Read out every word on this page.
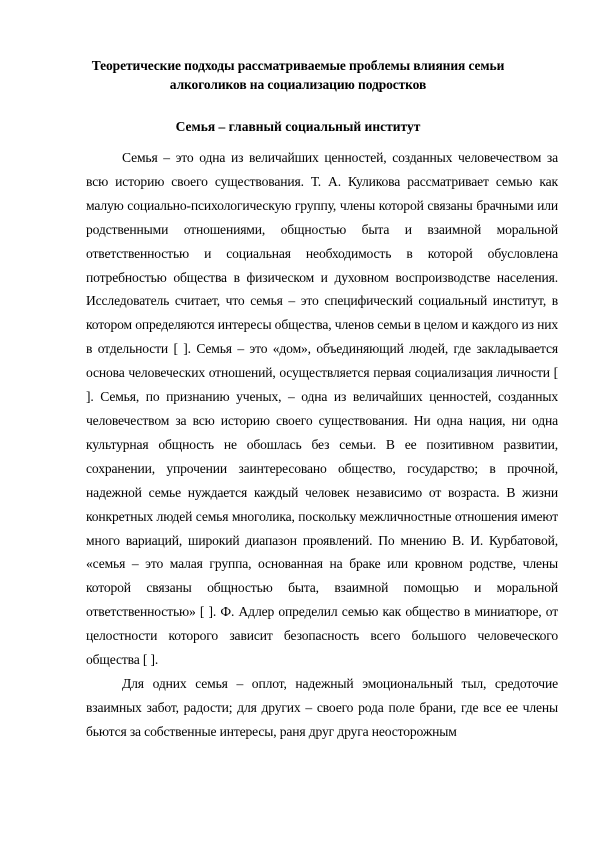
Теоретические подходы рассматриваемые проблемы влияния семьи алкоголиков на социализацию подростков
Семья – главный социальный институт

Семья – это одна из величайших ценностей, созданных человечеством за всю историю своего существования. Т. А. Куликова рассматривает семью как малую социально-психологическую группу, члены которой связаны брачными или родственными отношениями, общностью быта и взаимной моральной ответственностью и социальная необходимость в которой обусловлена потребностью общества в физическом и духовном воспроизводстве населения. Исследователь считает, что семья – это специфический социальный институт, в котором определяются интересы общества, членов семьи в целом и каждого из них в отдельности [ ]. Семья – это «дом», объединяющий людей, где закладывается основа человеческих отношений, осуществляется первая социализация личности [ ]. Семья, по признанию ученых, – одна из величайших ценностей, созданных человечеством за всю историю своего существования. Ни одна нация, ни одна культурная общность не обошлась без семьи. В ее позитивном развитии, сохранении, упрочении заинтересовано общество, государство; в прочной, надежной семье нуждается каждый человек независимо от возраста. В жизни конкретных людей семья многолика, поскольку межличностные отношения имеют много вариаций, широкий диапазон проявлений. По мнению В. И. Курбатовой, «семья – это малая группа, основанная на браке или кровном родстве, члены которой связаны общностью быта, взаимной помощью и моральной ответственностью» [ ]. Ф. Адлер определил семью как общество в миниатюре, от целостности которого зависит безопасность всего большого человеческого общества [ ].

Для одних семья – оплот, надежный эмоциональный тыл, средоточие взаимных забот, радости; для других – своего рода поле брани, где все ее члены бьются за собственные интересы, раня друг друга неосторожным
